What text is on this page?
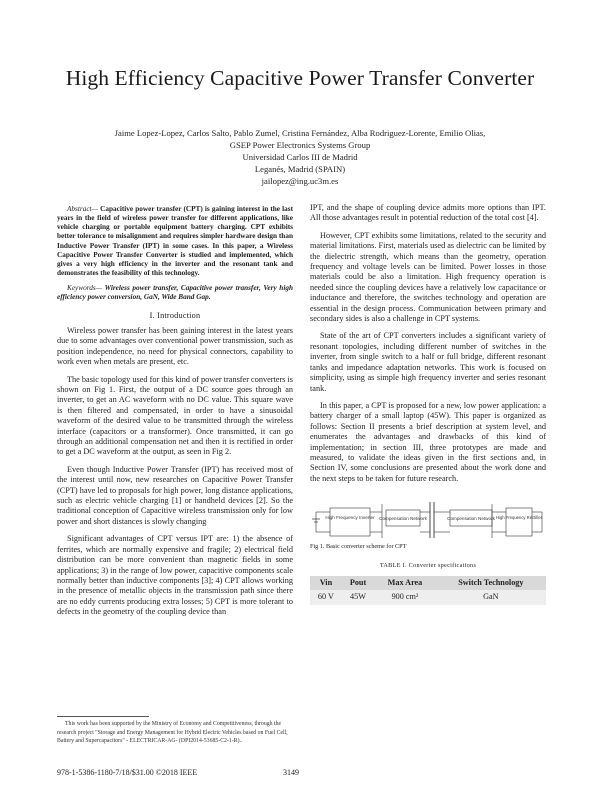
High Efficiency Capacitive Power Transfer Converter
Jaime Lopez-Lopez, Carlos Salto, Pablo Zumel, Cristina Fernández, Alba Rodriguez-Lorente, Emilio Olias,
GSEP Power Electronics Systems Group
Universidad Carlos III de Madrid
Leganés, Madrid (SPAIN)
jailopez@ing.uc3m.es

Abstract— Capacitive power transfer (CPT) is gaining interest in the last years in the field of wireless power transfer for different applications, like vehicle charging or portable equipment battery charging. CPT exhibits better tolerance to misalignment and requires simpler hardware design than Inductive Power Transfer (IPT) in some cases. In this paper, a Wireless Capacitive Power Transfer Converter is studied and implemented, which gives a very high efficiency in the inverter and the resonant tank and demonstrates the feasibility of this technology.

Keywords— Wireless power transfer, Capacitive power transfer, Very high efficiency power conversion, GaN, Wide Band Gap.

I. Introduction

Wireless power transfer has been gaining interest in the latest years due to some advantages over conventional power transmission, such as position independence, no need for physical connectors, capability to work even when metals are present, etc.

The basic topology used for this kind of power transfer converters is shown on Fig 1. First, the output of a DC source goes through an inverter, to get an AC waveform with no DC value. This square wave is then filtered and compensated, in order to have a sinusoidal waveform of the desired value to be transmitted through the wireless interface (capacitors or a transformer). Once transmitted, it can go through an additional compensation net and then it is rectified in order to get a DC waveform at the output, as seen in Fig 2.

Even though Inductive Power Transfer (IPT) has received most of the interest until now, new researches on Capacitive Power Transfer (CPT) have led to proposals for high power, long distance applications, such as electric vehicle charging [1] or handheld devices [2]. So the traditional conception of Capacitive wireless transmission only for low power and short distances is slowly changing

Significant advantages of CPT versus IPT are: 1) the absence of ferrites, which are normally expensive and fragile; 2) electrical field distribution can be more convenient than magnetic fields in some applications; 3) in the range of low power, capacitive components scale normally better than inductive components [3]; 4) CPT allows working in the presence of metallic objects in the transmission path since there are no eddy currents producing extra losses; 5) CPT is more tolerant to defects in the geometry of the coupling device than

IPT, and the shape of coupling device admits more options than IPT. All those advantages result in potential reduction of the total cost [4].

However, CPT exhibits some limitations, related to the security and material limitations. First, materials used as dielectric can be limited by the dielectric strength, which means than the geometry, operation frequency and voltage levels can be limited. Power losses in those materials could be also a limitation. High frequency operation is needed since the coupling devices have a relatively low capacitance or inductance and therefore, the switches technology and operation are essential in the design process. Communication between primary and secondary sides is also a challenge in CPT systems.

State of the art of CPT converters includes a significant variety of resonant topologies, including different number of switches in the inverter, from single switch to a half or full bridge, different resonant tanks and impedance adaptation networks. This work is focused on simplicity, using as simple high frequency inverter and series resonant tank.

In this paper, a CPT is proposed for a new, low power application: a battery charger of a small laptop (45W). This paper is organized as follows: Section II presents a brief description at system level, and enumerates the advantages and drawbacks of this kind of implementation; in section III, three prototypes are made and measured, to validate the ideas given in the first sections and, in Section IV, some conclusions are presented about the work done and the next steps to be taken for future research.

High Frequency Inverter Compensation Network	Compensation Network High Frequency Rectifier
Fig 1. Basic converter scheme for CPT
TABLE I. Converter specifications
Vin	Pout	Max Area	Switch Technology
60 V	45W	900 cm²	GaN

This work has been supported by the Ministry of Economy and Competitiveness, through the research project "Storage and Energy Management for Hybrid Electric Vehicles based on Fuel Cell, Battery and Supercapacitors" - ELECTRICAR-AG- (DPI2014-53685-C2-1-R)..

978-1-5386-1180-7/18/$31.00 ©2018 IEEE	3149
